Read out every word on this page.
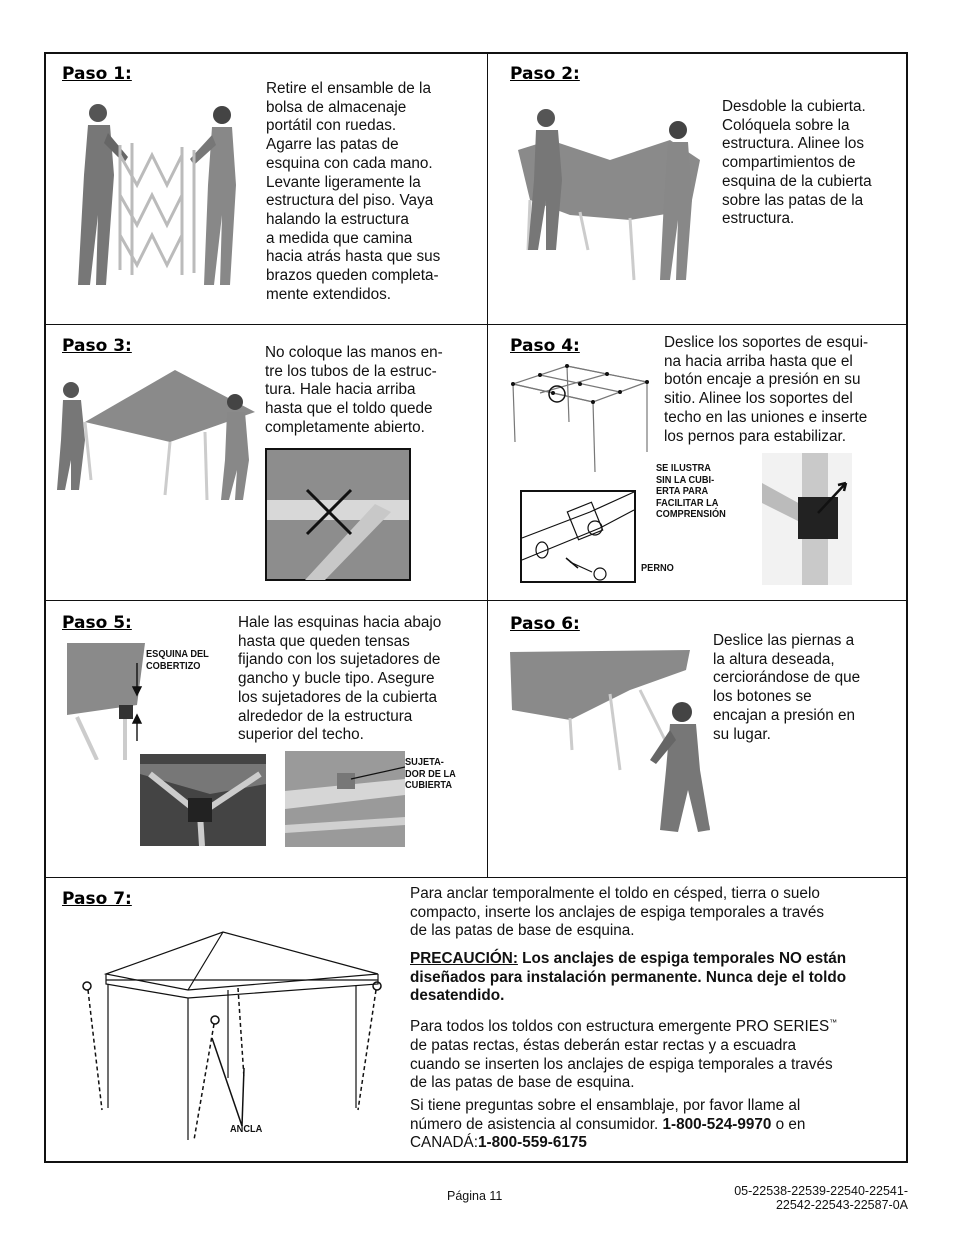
Paso 1:

Retire el ensamble de la
bolsa de almacenaje
portátil con ruedas.
Agarre las patas de
esquina con cada mano.
Levante ligeramente la
estructura del piso. Vaya
halando la estructura
a medida que camina
hacia atrás hasta que sus
brazos queden completa-
mente extendidos.

Paso 2:

Desdoble la cubierta.
Colóquela sobre la
estructura. Alinee los
compartimientos de
esquina de la cubierta
sobre las patas de la
estructura.

Paso 3:	No coloque las manos en-
tre los tubos de la estruc-
tura. Hale hacia arriba
hasta que el toldo quede
completamente abierto.

Paso 4:	Deslice los soportes de esqui-
na hacia arriba hasta que el
botón encaje a presión en su
sitio. Alinee los soportes del
techo en las uniones e inserte
los pernos para estabilizar.

SE ILUSTRA
SIN LA CUBI-
ERTA PARA
FACILITAR LA
COMPRENSIÓN
PERNO
Paso 5:	Hale las esquinas hacia abajo
hasta que queden tensas
fijando con los sujetadores de
gancho y bucle tipo. Asegure
los sujetadores de la cubierta
alrededor de la estructura
superior del techo.

ESQUINA DEL
COBERTIZO
SUJETA-
DOR DE LA
CUBIERTA
Paso 6:

Deslice las piernas a
la altura deseada,
cerciorándose de que
los botones se
encajan a presión en
su lugar.

Paso 7:
ANCLA

Para anclar temporalmente el toldo en césped, tierra o suelo
compacto, inserte los anclajes de espiga temporales a través
de las patas de base de esquina.

PRECAUCIÓN: Los anclajes de espiga temporales NO están
diseñados para instalación permanente. Nunca deje el toldo
desatendido.

Para todos los toldos con estructura emergente PRO SERIES™
de patas rectas, éstas deberán estar rectas y a escuadra
cuando se inserten los anclajes de espiga temporales a través
de las patas de base de esquina.

Si tiene preguntas sobre el ensamblaje, por favor llame al
número de asistencia al consumidor. 1-800-524-9970 o en
CANADÁ:1-800-559-6175

Página 11	05-22538-22539-22540-22541-
22542-22543-22587-0A
